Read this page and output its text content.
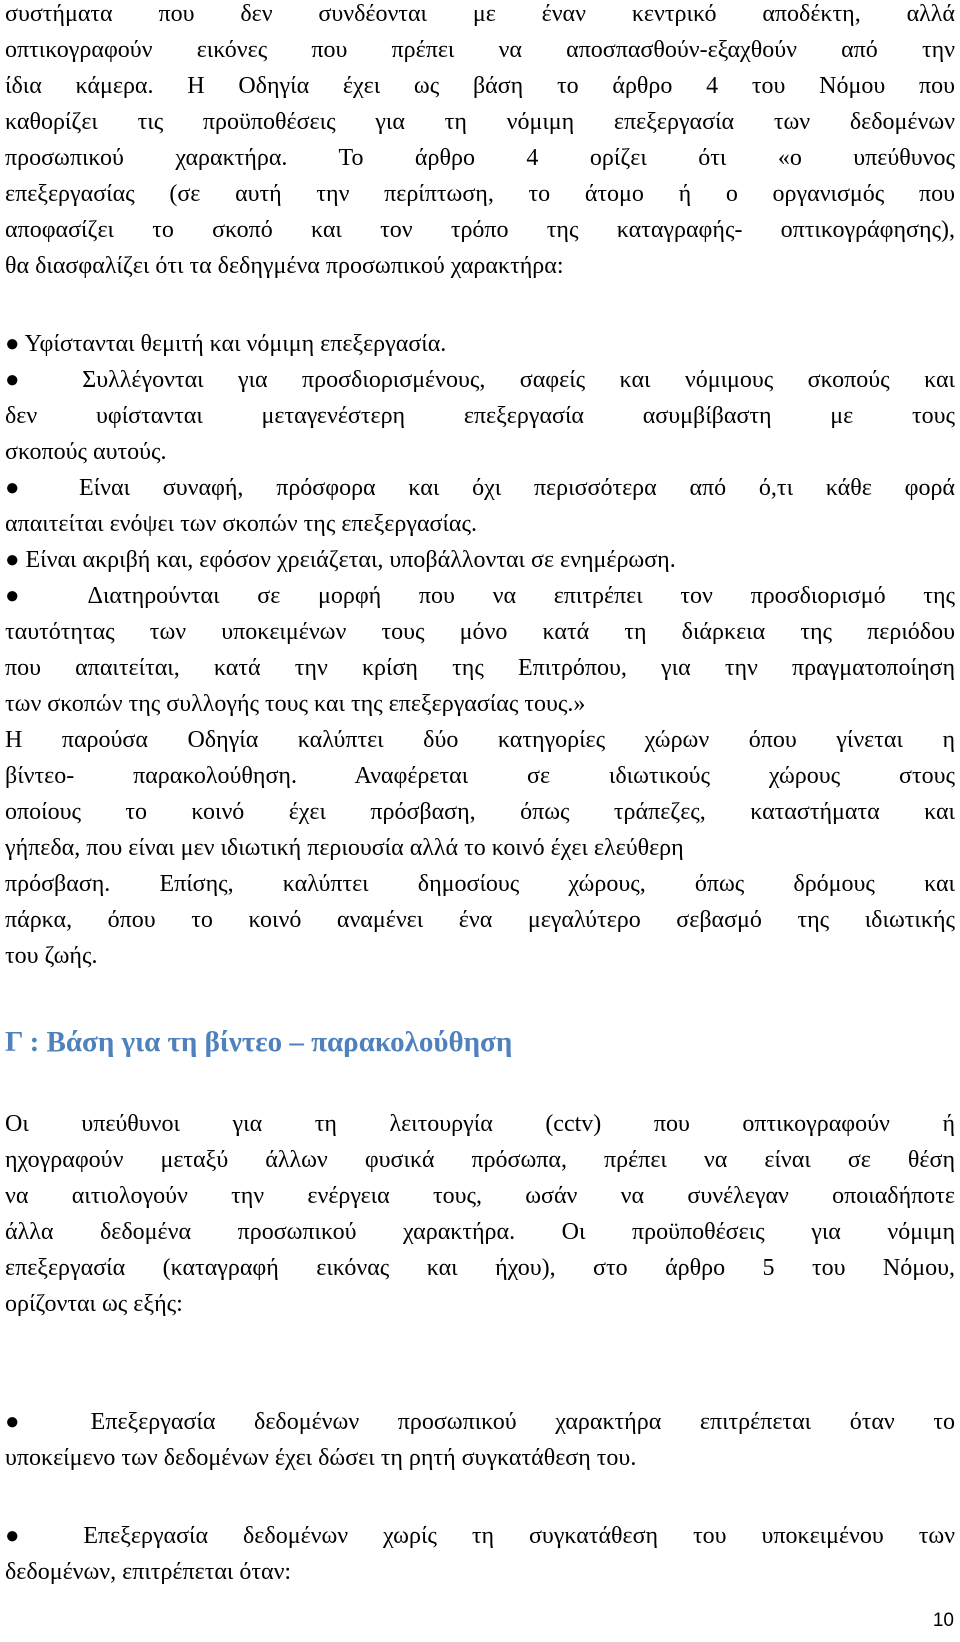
συστήματα που δεν συνδέονται με έναν κεντρικό αποδέκτη, αλλά
οπτικογραφούν εικόνες που πρέπει να αποσπασθούν-εξαχθούν από την
ίδια κάμερα. Η Οδηγία έχει ως βάση το άρθρο 4 του Νόμου που
καθορίζει τις προϋποθέσεις για τη νόμιμη επεξεργασία των δεδομένων
προσωπικού χαρακτήρα. Το άρθρο 4 ορίζει ότι «ο υπεύθυνος
επεξεργασίας (σε αυτή την περίπτωση, το άτομο ή ο οργανισμός που
αποφασίζει το σκοπό και τον τρόπο της καταγραφής- οπτικογράφησης),
θα διασφαλίζει ότι τα δεδηγμένα προσωπικού χαρακτήρα:
● Υφίστανται θεμιτή και νόμιμη επεξεργασία.
● Συλλέγονται για προσδιορισμένους, σαφείς και νόμιμους σκοπούς και
δεν υφίστανται μεταγενέστερη επεξεργασία ασυμβίβαστη με τους
σκοπούς αυτούς.
● Είναι συναφή, πρόσφορα και όχι περισσότερα από ό,τι κάθε φορά
απαιτείται ενόψει των σκοπών της επεξεργασίας.
● Είναι ακριβή και, εφόσον χρειάζεται, υποβάλλονται σε ενημέρωση.
● Διατηρούνται σε μορφή που να επιτρέπει τον προσδιορισμό της
ταυτότητας των υποκειμένων τους μόνο κατά τη διάρκεια της περιόδου
που απαιτείται, κατά την κρίση της Επιτρόπου, για την πραγματοποίηση
των σκοπών της συλλογής τους και της επεξεργασίας τους.»
Η παρούσα Οδηγία καλύπτει δύο κατηγορίες χώρων όπου γίνεται η
βίντεο- παρακολούθηση. Αναφέρεται σε ιδιωτικούς χώρους στους
οποίους το κοινό έχει πρόσβαση, όπως τράπεζες, καταστήματα και
γήπεδα, που είναι μεν ιδιωτική περιουσία αλλά το κοινό έχει ελεύθερη
πρόσβαση. Επίσης, καλύπτει δημοσίους χώρους, όπως δρόμους και
πάρκα, όπου το κοινό αναμένει ένα μεγαλύτερο σεβασμό της ιδιωτικής
του ζωής.
Γ : Βάση για τη βίντεο – παρακολούθηση
Οι υπεύθυνοι για τη λειτουργία (cctv) που οπτικογραφούν ή
ηχογραφούν μεταξύ άλλων φυσικά πρόσωπα, πρέπει να είναι σε θέση
να αιτιολογούν την ενέργεια τους, ωσάν να συνέλεγαν οποιαδήποτε
άλλα δεδομένα προσωπικού χαρακτήρα. Οι προϋποθέσεις για νόμιμη
επεξεργασία (καταγραφή εικόνας και ήχου), στο άρθρο 5 του Νόμου,
ορίζονται ως εξής:
● Επεξεργασία δεδομένων προσωπικού χαρακτήρα επιτρέπεται όταν το
υποκείμενο των δεδομένων έχει δώσει τη ρητή συγκατάθεση του.
● Επεξεργασία δεδομένων χωρίς τη συγκατάθεση του υποκειμένου των
δεδομένων, επιτρέπεται όταν:
10
